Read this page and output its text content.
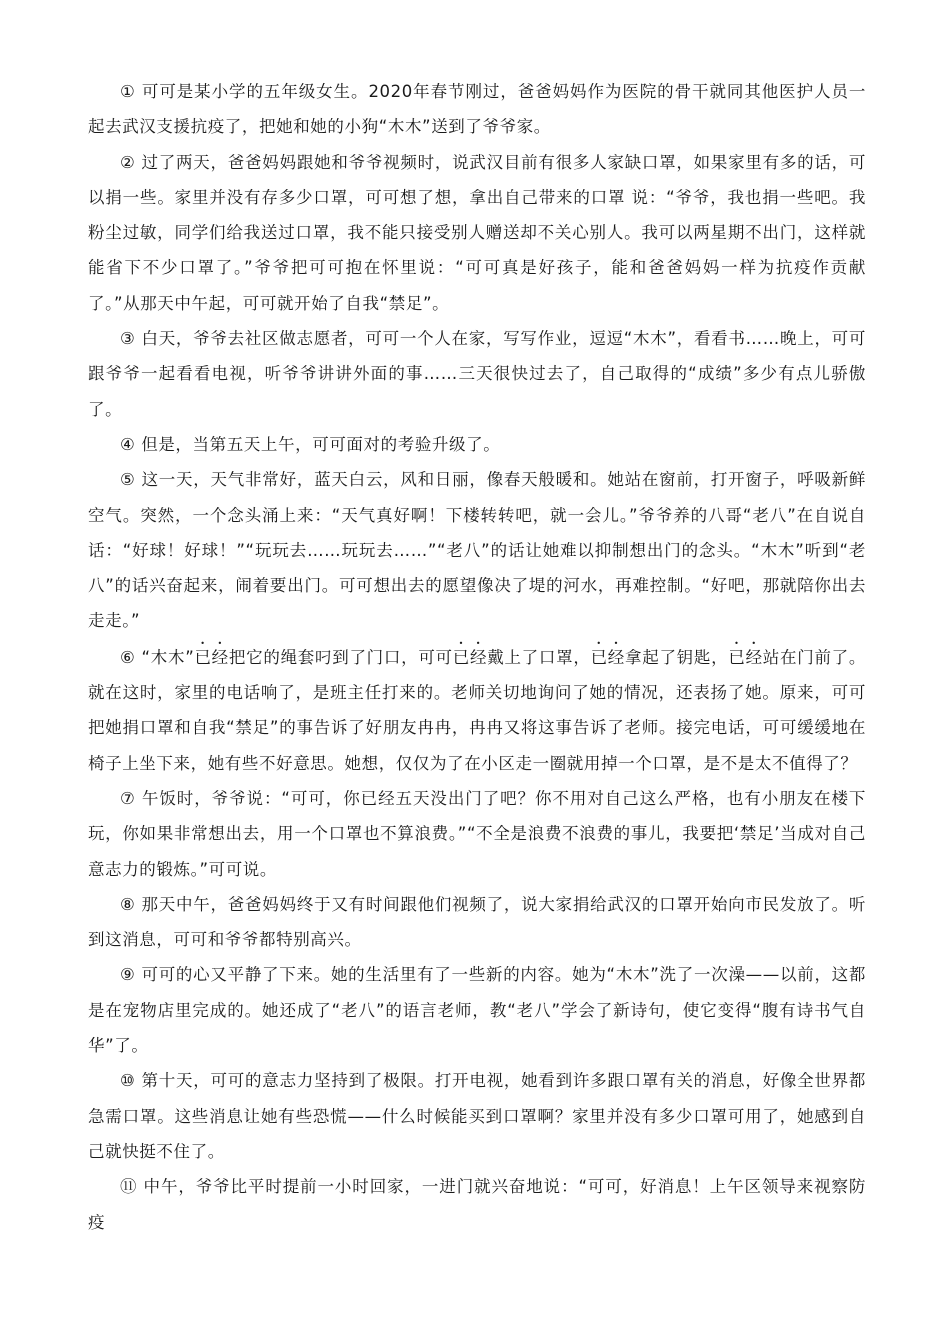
① 可可是某小学的五年级女生。2020年春节刚过，爸爸妈妈作为医院的骨干就同其他医护人员一起去武汉支援抗疫了，把她和她的小狗“木木”送到了爷爷家。

② 过了两天，爸爸妈妈跟她和爷爷视频时，说武汉目前有很多人家缺口罩，如果家里有多的话，可以捐一些。家里并没有存多少口罩，可可想了想，拿出自己带来的口罩 说：“爷爷，我也捐一些吧。我粉尘过敏，同学们给我送过口罩，我不能只接受别人赠送却不关心别人。我可以两星期不出门，这样就能省下不少口罩了。”爷爷把可可抱在怀里说：“可可真是好孩子，能和爸爸妈妈一样为抗疫作贡献了。”从那天中午起，可可就开始了自我“禁足”。

③ 白天，爷爷去社区做志愿者，可可一个人在家，写写作业，逗逗“木木”，看看书……晚上，可可跟爷爷一起看看电视，听爷爷讲讲外面的事……三天很快过去了，自己取得的“成绩”多少有点儿骄傲了。

④ 但是，当第五天上午，可可面对的考验升级了。

⑤ 这一天，天气非常好，蓝天白云，风和日丽，像春天般暖和。她站在窗前，打开窗子，呼吸新鲜空气。突然，一个念头涌上来：“天气真好啊！下楼转转吧，就一会儿。”爷爷养的八哥“老八”在自说自话：“好球！好球！”“玩玩去……玩玩去……”“老八”的话让她难以抑制想出门的念头。“木木”听到“老八”的话兴奋起来，闹着要出门。可可想出去的愿望像决了堤的河水，再难控制。“好吧，那就陪你出去走走。”

⑥ “木木”已经把它的绳套叼到了门口，可可已经戴上了口罩，已经拿起了钥匙，已经站在门前了。就在这时，家里的电话响了，是班主任打来的。老师关切地询问了她的情况，还表扬了她。原来，可可把她捐口罩和自我“禁足”的事告诉了好朋友冉冉，冉冉又将这事告诉了老师。接完电话，可可缓缓地在椅子上坐下来，她有些不好意思。她想，仅仅为了在小区走一圈就用掉一个口罩，是不是太不值得了？

⑦ 午饭时，爷爷说：“可可，你已经五天没出门了吧？你不用对自己这么严格，也有小朋友在楼下玩，你如果非常想出去，用一个口罩也不算浪费。”“不全是浪费不浪费的事儿，我要把‘禁足’当成对自己意志力的锻炼。”可可说。

⑧ 那天中午，爸爸妈妈终于又有时间跟他们视频了，说大家捐给武汉的口罩开始向市民发放了。听到这消息，可可和爷爷都特别高兴。

⑨ 可可的心又平静了下来。她的生活里有了一些新的内容。她为“木木”洗了一次澡——以前，这都是在宠物店里完成的。她还成了“老八”的语言老师，教“老八”学会了新诗句，使它变得“腹有诗书气自华”了。

⑩ 第十天，可可的意志力坚持到了极限。打开电视，她看到许多跟口罩有关的消息，好像全世界都急需口罩。这些消息让她有些恐慌——什么时候能买到口罩啊？家里并没有多少口罩可用了，她感到自己就快挺不住了。

⑪ 中午，爷爷比平时提前一小时回家，一进门就兴奋地说：“可可，好消息！上午区领导来视察防疫
